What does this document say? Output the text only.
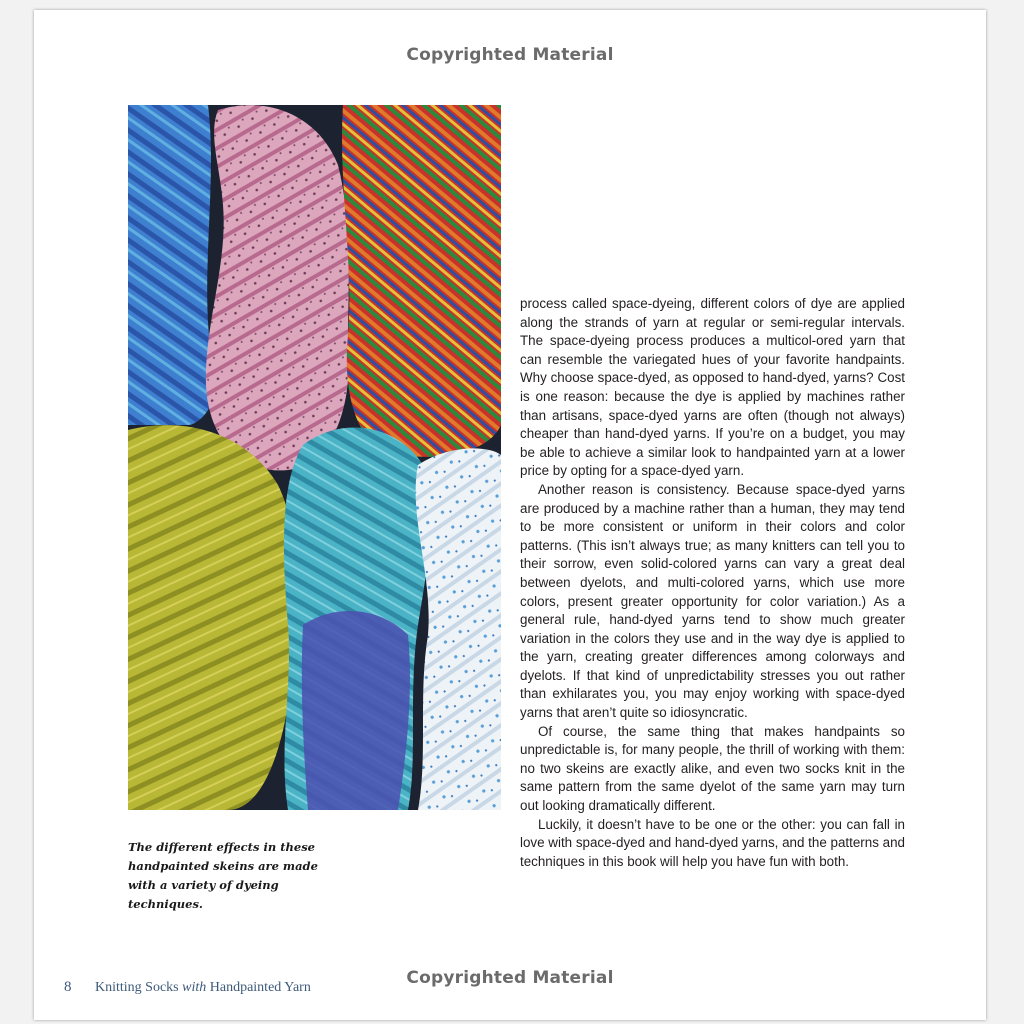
Copyrighted Material
The different effects in these handpainted skeins are made with a variety of dyeing techniques.

process called space-dyeing, different colors of dye are applied along the strands of yarn at regular or semi-regular intervals. The space-dyeing process produces a multicol-ored yarn that can resemble the variegated hues of your favorite handpaints. Why choose space-dyed, as opposed to hand-dyed, yarns? Cost is one reason: because the dye is applied by machines rather than artisans, space-dyed yarns are often (though not always) cheaper than hand-dyed yarns. If you’re on a budget, you may be able to achieve a similar look to handpainted yarn at a lower price by opting for a space-dyed yarn.

Another reason is consistency. Because space-dyed yarns are produced by a machine rather than a human, they may tend to be more consistent or uniform in their colors and color patterns. (This isn’t always true; as many knitters can tell you to their sorrow, even solid-colored yarns can vary a great deal between dyelots, and multi-colored yarns, which use more colors, present greater opportunity for color variation.) As a general rule, hand-dyed yarns tend to show much greater variation in the colors they use and in the way dye is applied to the yarn, creating greater differences among colorways and dyelots. If that kind of unpredictability stresses you out rather than exhilarates you, you may enjoy working with space-dyed yarns that aren’t quite so idiosyncratic.

Of course, the same thing that makes handpaints so unpredictable is, for many people, the thrill of working with them: no two skeins are exactly alike, and even two socks knit in the same pattern from the same dyelot of the same yarn may turn out looking dramatically different.

Luckily, it doesn’t have to be one or the other: you can fall in love with space-dyed and hand-dyed yarns, and the patterns and techniques in this book will help you have fun with both.

Copyrighted Material
8 Knitting Socks with Handpainted Yarn
